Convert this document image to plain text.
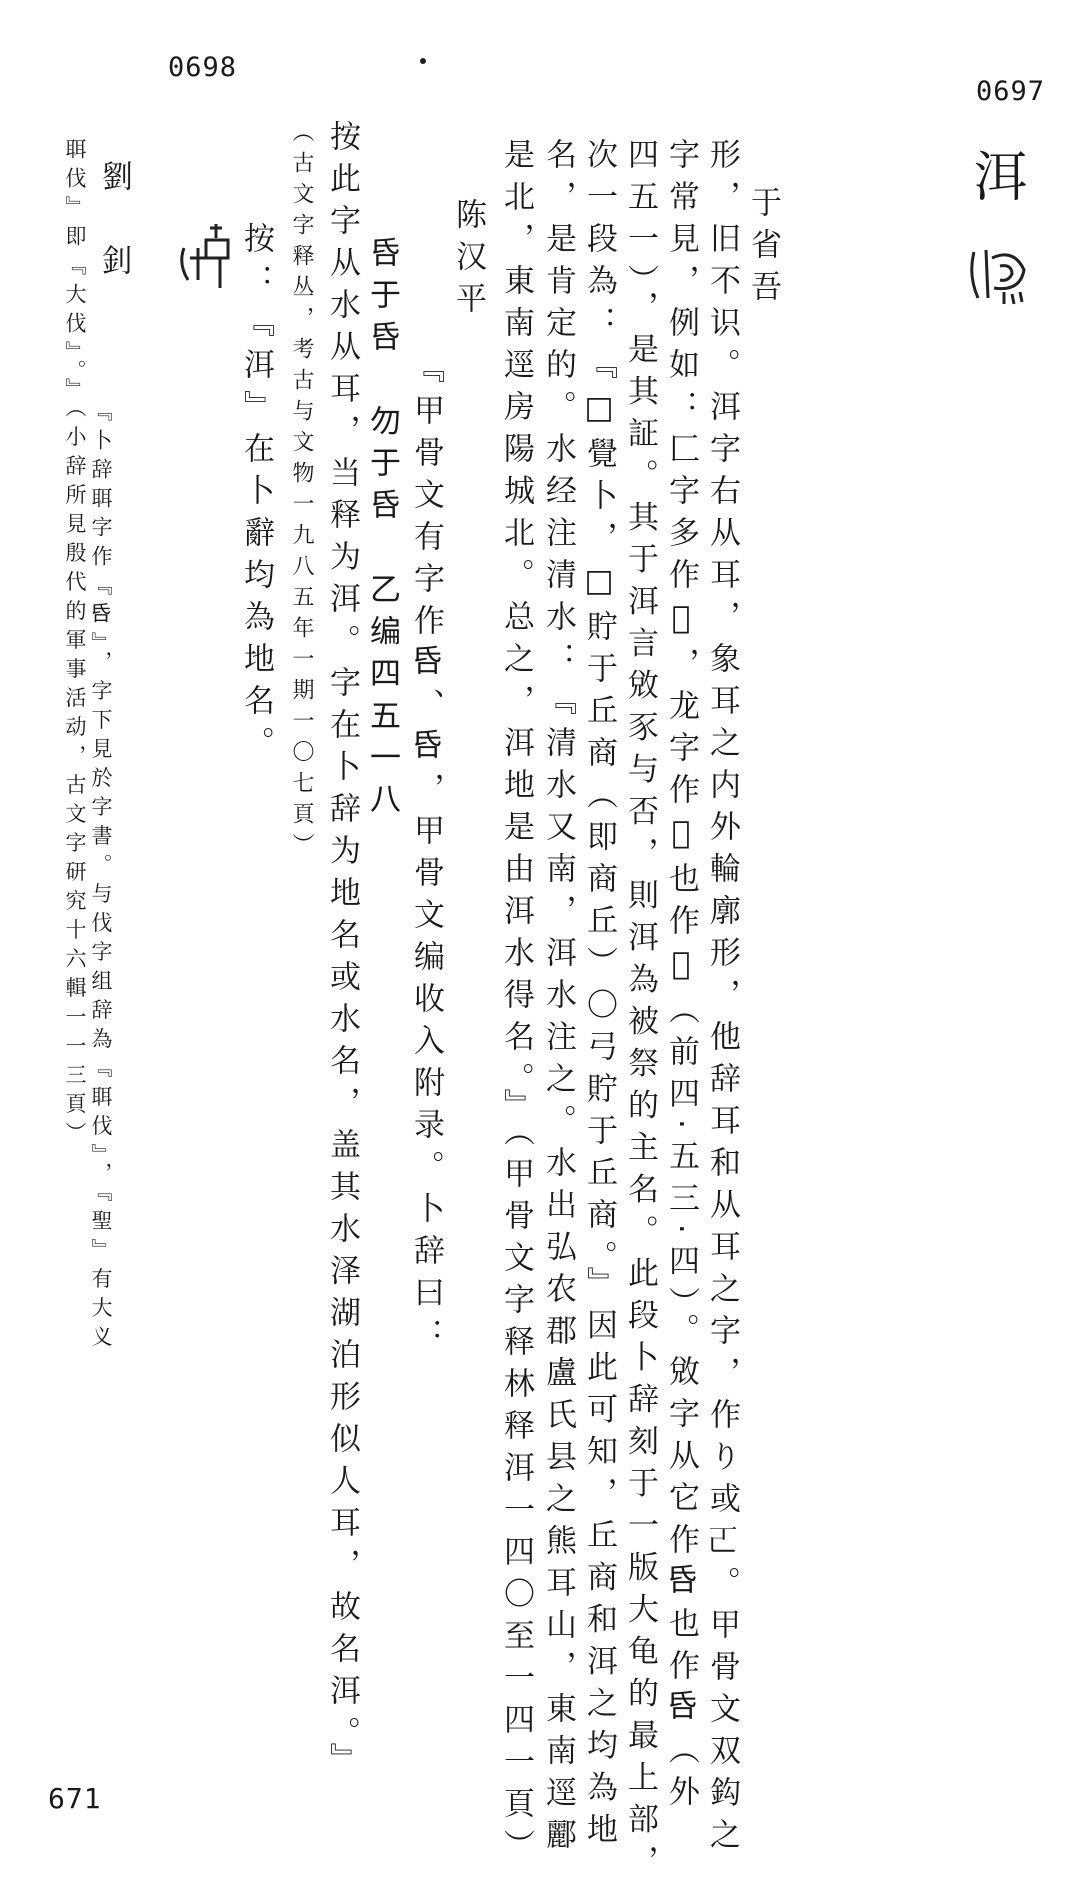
0698
0697
671
洱
于省吾
形，旧不识。洱字右从耳，象耳之内外輪廓形，他辞耳和从耳之字，作り或𠀀。甲骨文双鈎之
字常見，例如：匚字多作𠤬，龙字作𠯑也作𠯑（前四·五三·四）。敓字从它作𠯑也作𠯑（外
四五一），是其証。其于洱言敓豕与否，則洱為被祭的主名。此段卜辞刻于一版大龟的最上部，
次一段為：『□覺卜，□貯于丘商（即商丘）〇弓貯于丘商。』因此可知，丘商和洱之均為地
名，是肯定的。水经注清水：『清水又南，洱水注之。水出弘农郡盧氏县之熊耳山，東南逕酈
是北，東南逕房陽城北。总之，洱地是由洱水得名。』（甲骨文字释林释洱一四〇至一四一頁）
陈汉平
『甲骨文有字作𠯑、𠯑，甲骨文编收入附录。卜辞曰：
𠯑于𠯑　勿于𠯑　乙编四五一八
按此字从水从耳，当释为洱。字在卜辞为地名或水名，盖其水泽湖泊形似人耳，故名洱。』
（古文字释丛，考古与文物一九八五年一期一〇七頁）
按：『洱』在卜辭均為地名。
劉　釗
聑伐』即『大伐』。』（小辞所見殷代的軍事活动，古文字研究十六輯一一三頁） 『卜辞聑字作『𠯑』，字下見於字書。与伐字组辞為『聑伐』，『聖』有大义
